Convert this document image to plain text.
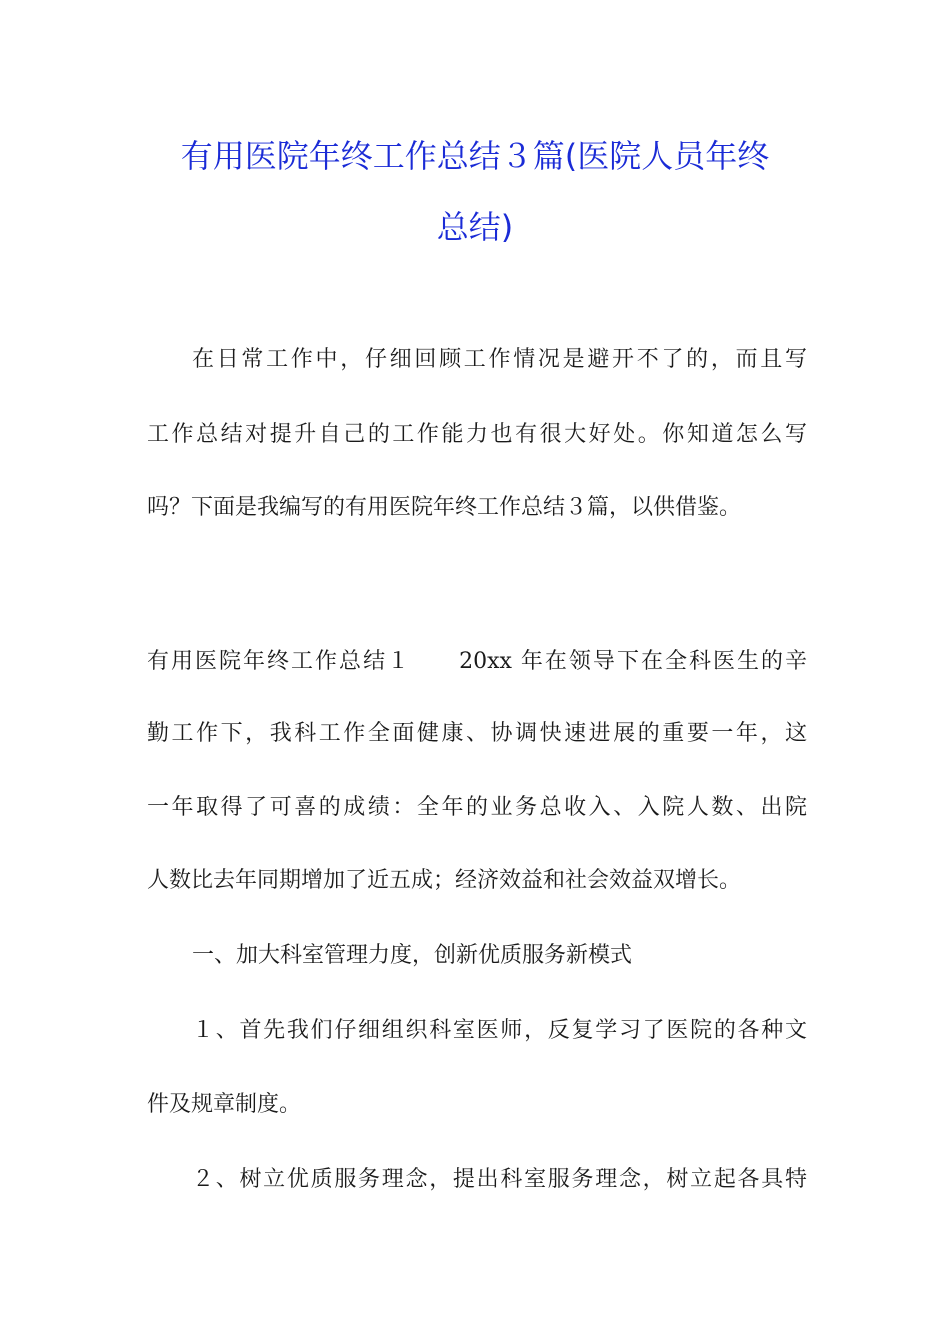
有用医院年终工作总结３篇(医院人员年终
总结)
在日常工作中，仔细回顾工作情况是避开不了的，而且写
工作总结对提升自己的工作能力也有很大好处。你知道怎么写
吗？下面是我编写的有用医院年终工作总结３篇，以供借鉴。
有用医院年终工作总结１　　20xx 年在领导下在全科医生的辛
勤工作下，我科工作全面健康、协调快速进展的重要一年，这
一年取得了可喜的成绩：全年的业务总收入、入院人数、出院
人数比去年同期增加了近五成；经济效益和社会效益双增长。
一、加大科室管理力度，创新优质服务新模式
１、首先我们仔细组织科室医师，反复学习了医院的各种文
件及规章制度。
２、树立优质服务理念，提出科室服务理念，树立起各具特
